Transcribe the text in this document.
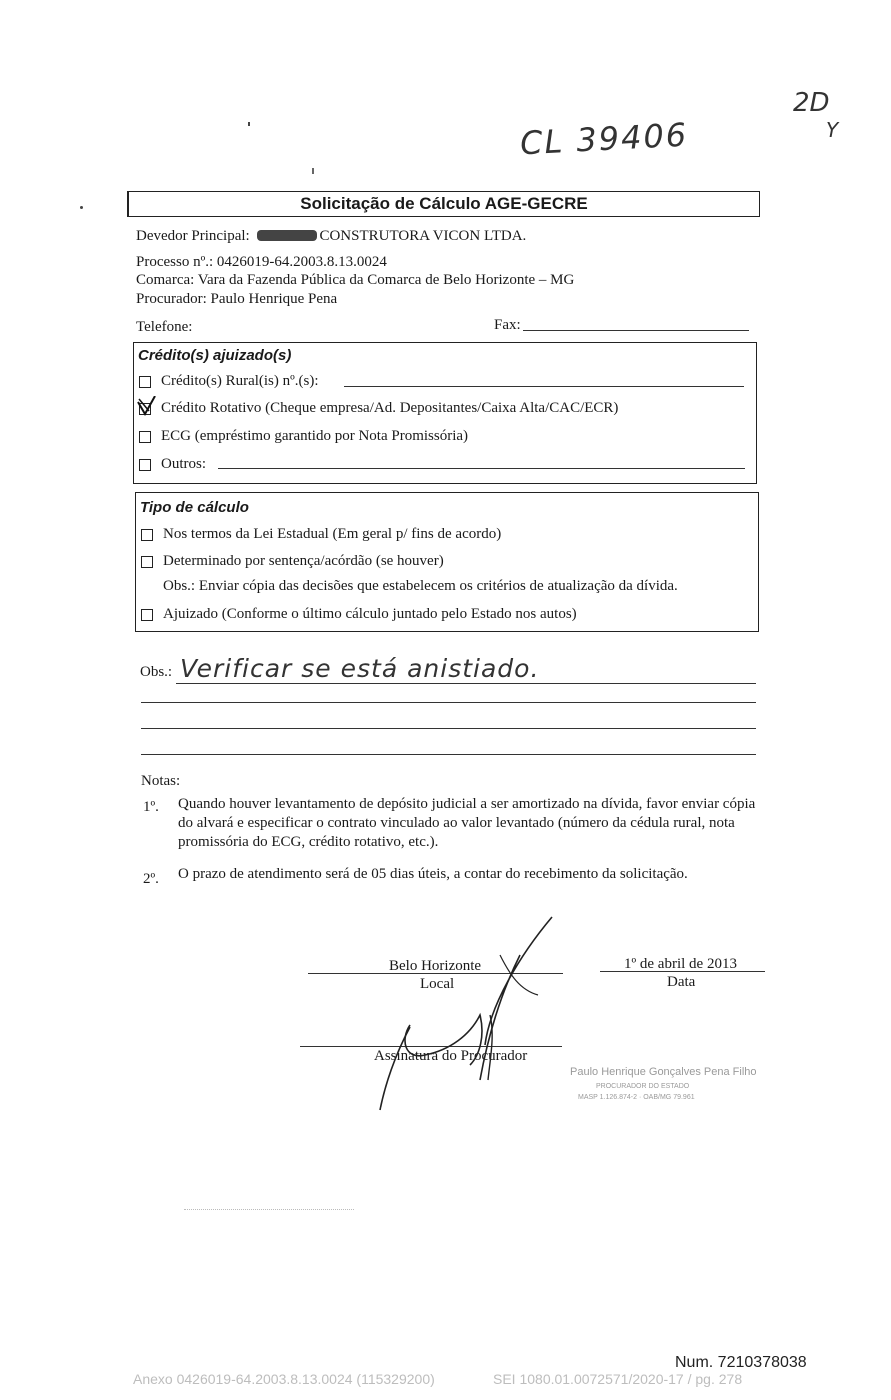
2D
Y
CL 39406
Solicitação de Cálculo AGE-GECRE
Devedor Principal:	CONSTRUTORA VICON LTDA.
Processo nº.: 0426019-64.2003.8.13.0024
Comarca: Vara da Fazenda Pública da Comarca de Belo Horizonte – MG
Procurador: Paulo Henrique Pena
Telefone:	Fax:
Crédito(s) ajuizado(s)
Crédito(s) Rural(is) nº.(s):
Crédito Rotativo (Cheque empresa/Ad. Depositantes/Caixa Alta/CAC/ECR)
ECG (empréstimo garantido por Nota Promissória)
Outros:
Tipo de cálculo
Nos termos da Lei Estadual (Em geral p/ fins de acordo)
Determinado por sentença/acórdão (se houver)
Obs.: Enviar cópia das decisões que estabelecem os critérios de atualização da dívida.
Ajuizado (Conforme o último cálculo juntado pelo Estado nos autos)
Obs.: Verificar se está anistiado.
Notas:
1º. Quando houver levantamento de depósito judicial a ser amortizado na dívida, favor enviar cópia do alvará e especificar o contrato vinculado ao valor levantado (número da cédula rural, nota promissória do ECG, crédito rotativo, etc.).
2º. O prazo de atendimento será de 05 dias úteis, a contar do recebimento da solicitação.
Belo Horizonte
Local
1º de abril de 2013
Data
Assinatura do Procurador
Paulo Henrique Gonçalves Pena Filho
PROCURADOR DO ESTADO
MASP 1.126.874-2 · OAB/MG 79.961
Num. 7210378038
Anexo 0426019-64.2003.8.13.0024 (115329200)	SEI 1080.01.0072571/2020-17 / pg. 278
